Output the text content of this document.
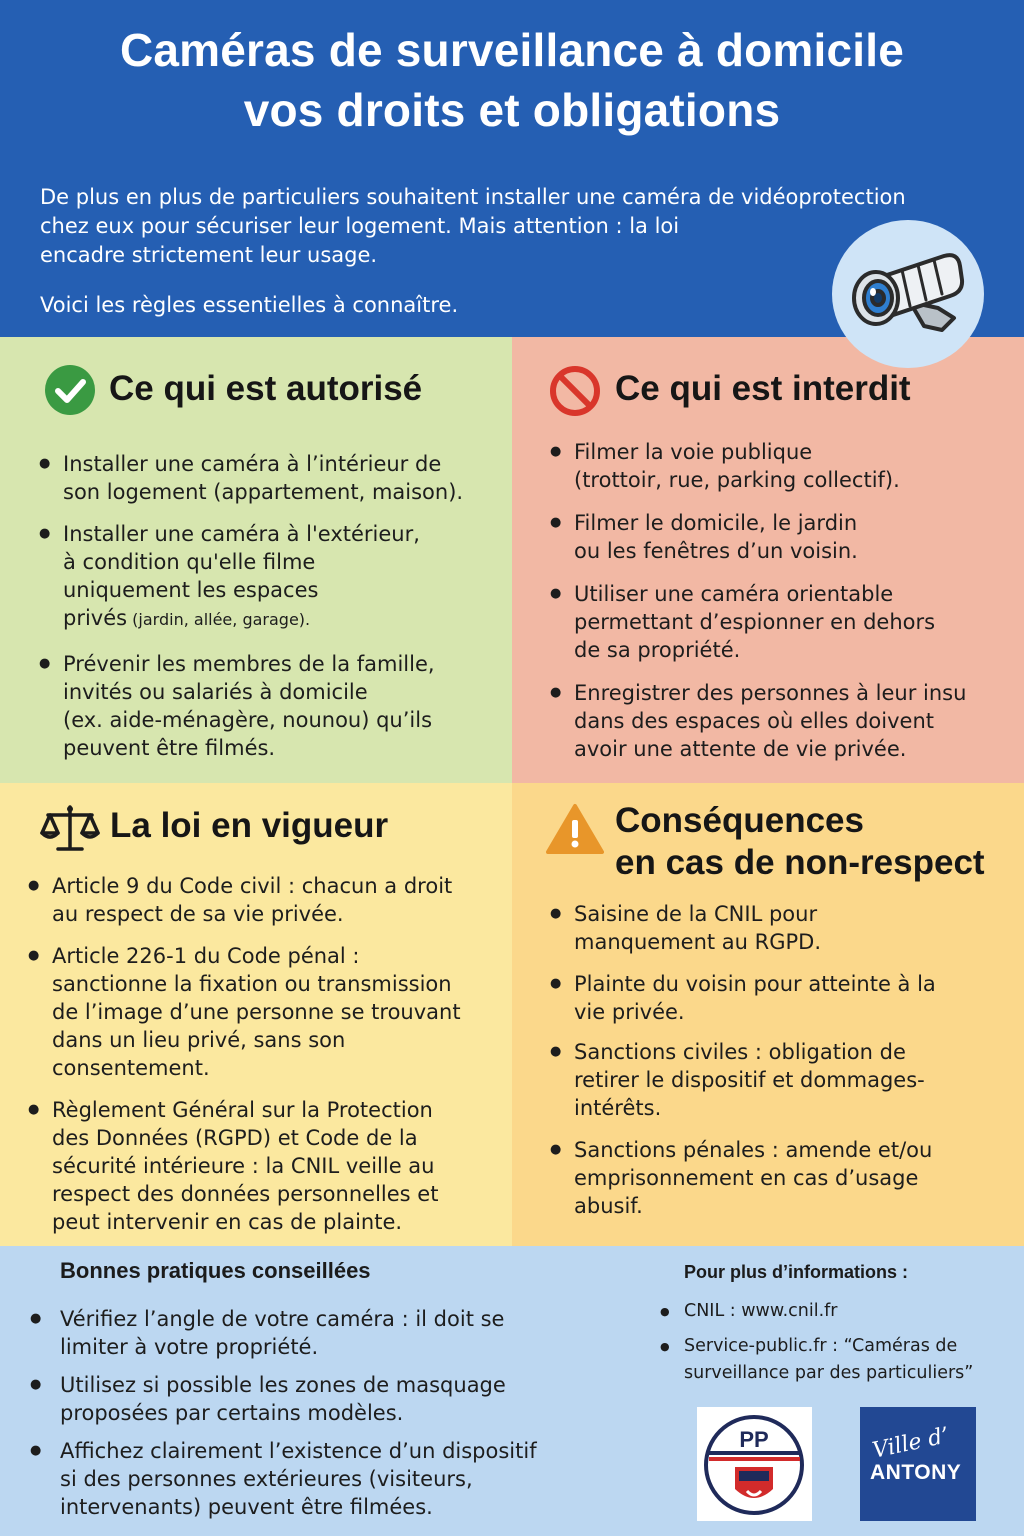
Caméras de surveillance à domicile
vos droits et obligations
De plus en plus de particuliers souhaitent installer une caméra de vidéoprotection
chez eux pour sécuriser leur logement. Mais attention : la loi
encadre strictement leur usage.
Voici les règles essentielles à connaître.
Ce qui est autorisé
● Installer une caméra à l’intérieur de
son logement (appartement, maison).
● Installer une caméra à l'extérieur,
à condition qu'elle filme
uniquement les espaces
privés (jardin, allée, garage).
● Prévenir les membres de la famille,
invités ou salariés à domicile
(ex. aide-ménagère, nounou) qu’ils
peuvent être filmés.
Ce qui est interdit
● Filmer la voie publique
(trottoir, rue, parking collectif).
● Filmer le domicile, le jardin
ou les fenêtres d’un voisin.
● Utiliser une caméra orientable
permettant d’espionner en dehors
de sa propriété.
● Enregistrer des personnes à leur insu
dans des espaces où elles doivent
avoir une attente de vie privée.
La loi en vigueur
● Article 9 du Code civil : chacun a droit
au respect de sa vie privée.
● Article 226-1 du Code pénal :
sanctionne la fixation ou transmission
de l’image d’une personne se trouvant
dans un lieu privé, sans son
consentement.
● Règlement Général sur la Protection
des Données (RGPD) et Code de la
sécurité intérieure : la CNIL veille au
respect des données personnelles et
peut intervenir en cas de plainte.
Conséquences
en cas de non-respect
● Saisine de la CNIL pour
manquement au RGPD.
● Plainte du voisin pour atteinte à la
vie privée.
● Sanctions civiles : obligation de
retirer le dispositif et dommages-
intérêts.
● Sanctions pénales : amende et/ou
emprisonnement en cas d’usage
abusif.
Bonnes pratiques conseillées
● Vérifiez l’angle de votre caméra : il doit se
limiter à votre propriété.
● Utilisez si possible les zones de masquage
proposées par certains modèles.
● Affichez clairement l’existence d’un dispositif
si des personnes extérieures (visiteurs,
intervenants) peuvent être filmées.
Pour plus d’informations :
● CNIL : www.cnil.fr
● Service-public.fr : “Caméras de
surveillance par des particuliers”
PP	Ville d’
ANTONY
